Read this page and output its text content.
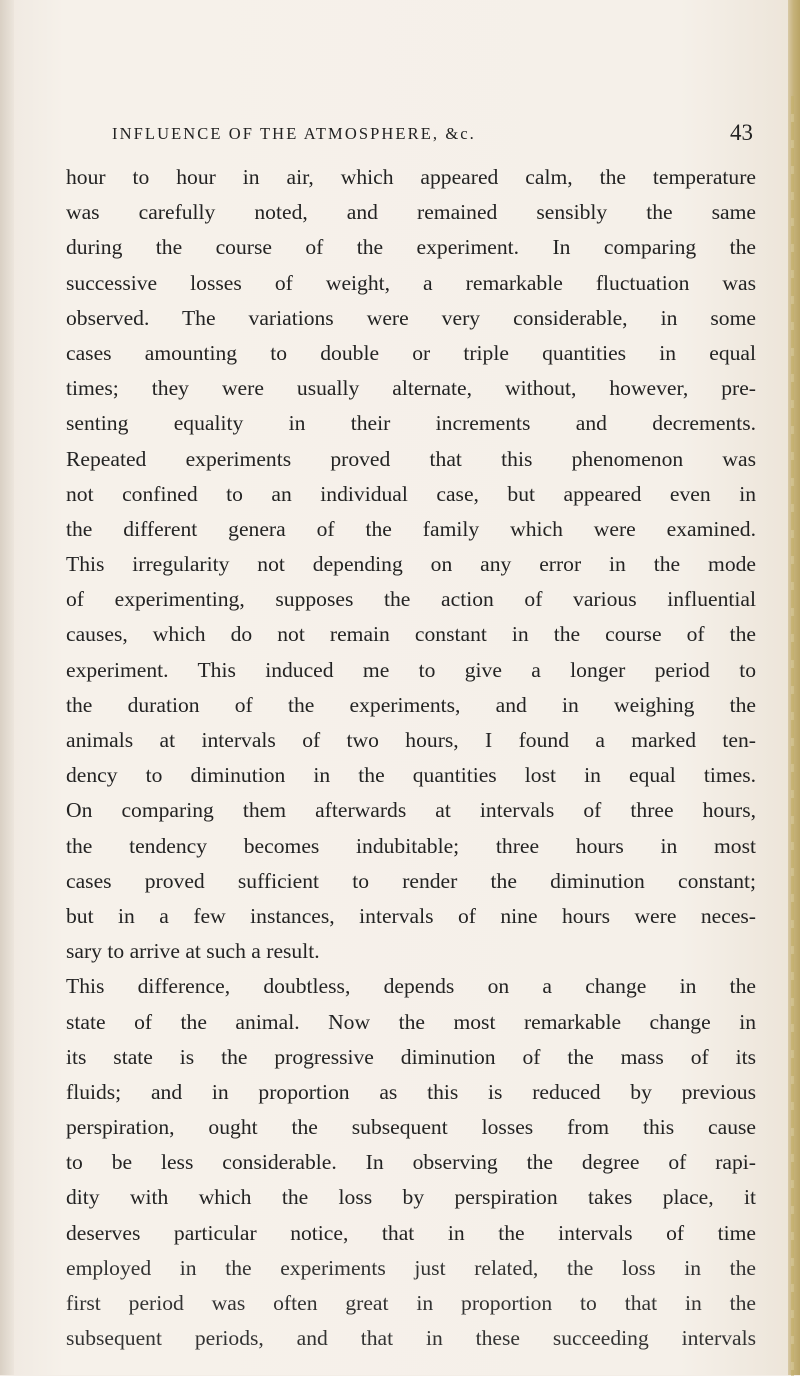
INFLUENCE OF THE ATMOSPHERE, &c.	43
hour to hour in air, which appeared calm, the temperature
was carefully noted, and remained sensibly the same
during the course of the experiment. In comparing the
successive losses of weight, a remarkable fluctuation was
observed. The variations were very considerable, in some
cases amounting to double or triple quantities in equal
times; they were usually alternate, without, however, pre-
senting equality in their increments and decrements.
Repeated experiments proved that this phenomenon was
not confined to an individual case, but appeared even in
the different genera of the family which were examined.
This irregularity not depending on any error in the mode
of experimenting, supposes the action of various influential
causes, which do not remain constant in the course of the
experiment. This induced me to give a longer period to
the duration of the experiments, and in weighing the
animals at intervals of two hours, I found a marked ten-
dency to diminution in the quantities lost in equal times.
On comparing them afterwards at intervals of three hours,
the tendency becomes indubitable; three hours in most
cases proved sufficient to render the diminution constant;
but in a few instances, intervals of nine hours were neces-
sary to arrive at such a result.
This difference, doubtless, depends on a change in the
state of the animal. Now the most remarkable change in
its state is the progressive diminution of the mass of its
fluids; and in proportion as this is reduced by previous
perspiration, ought the subsequent losses from this cause
to be less considerable. In observing the degree of rapi-
dity with which the loss by perspiration takes place, it
deserves particular notice, that in the intervals of time
employed in the experiments just related, the loss in the
first period was often great in proportion to that in the
subsequent periods, and that in these succeeding intervals
